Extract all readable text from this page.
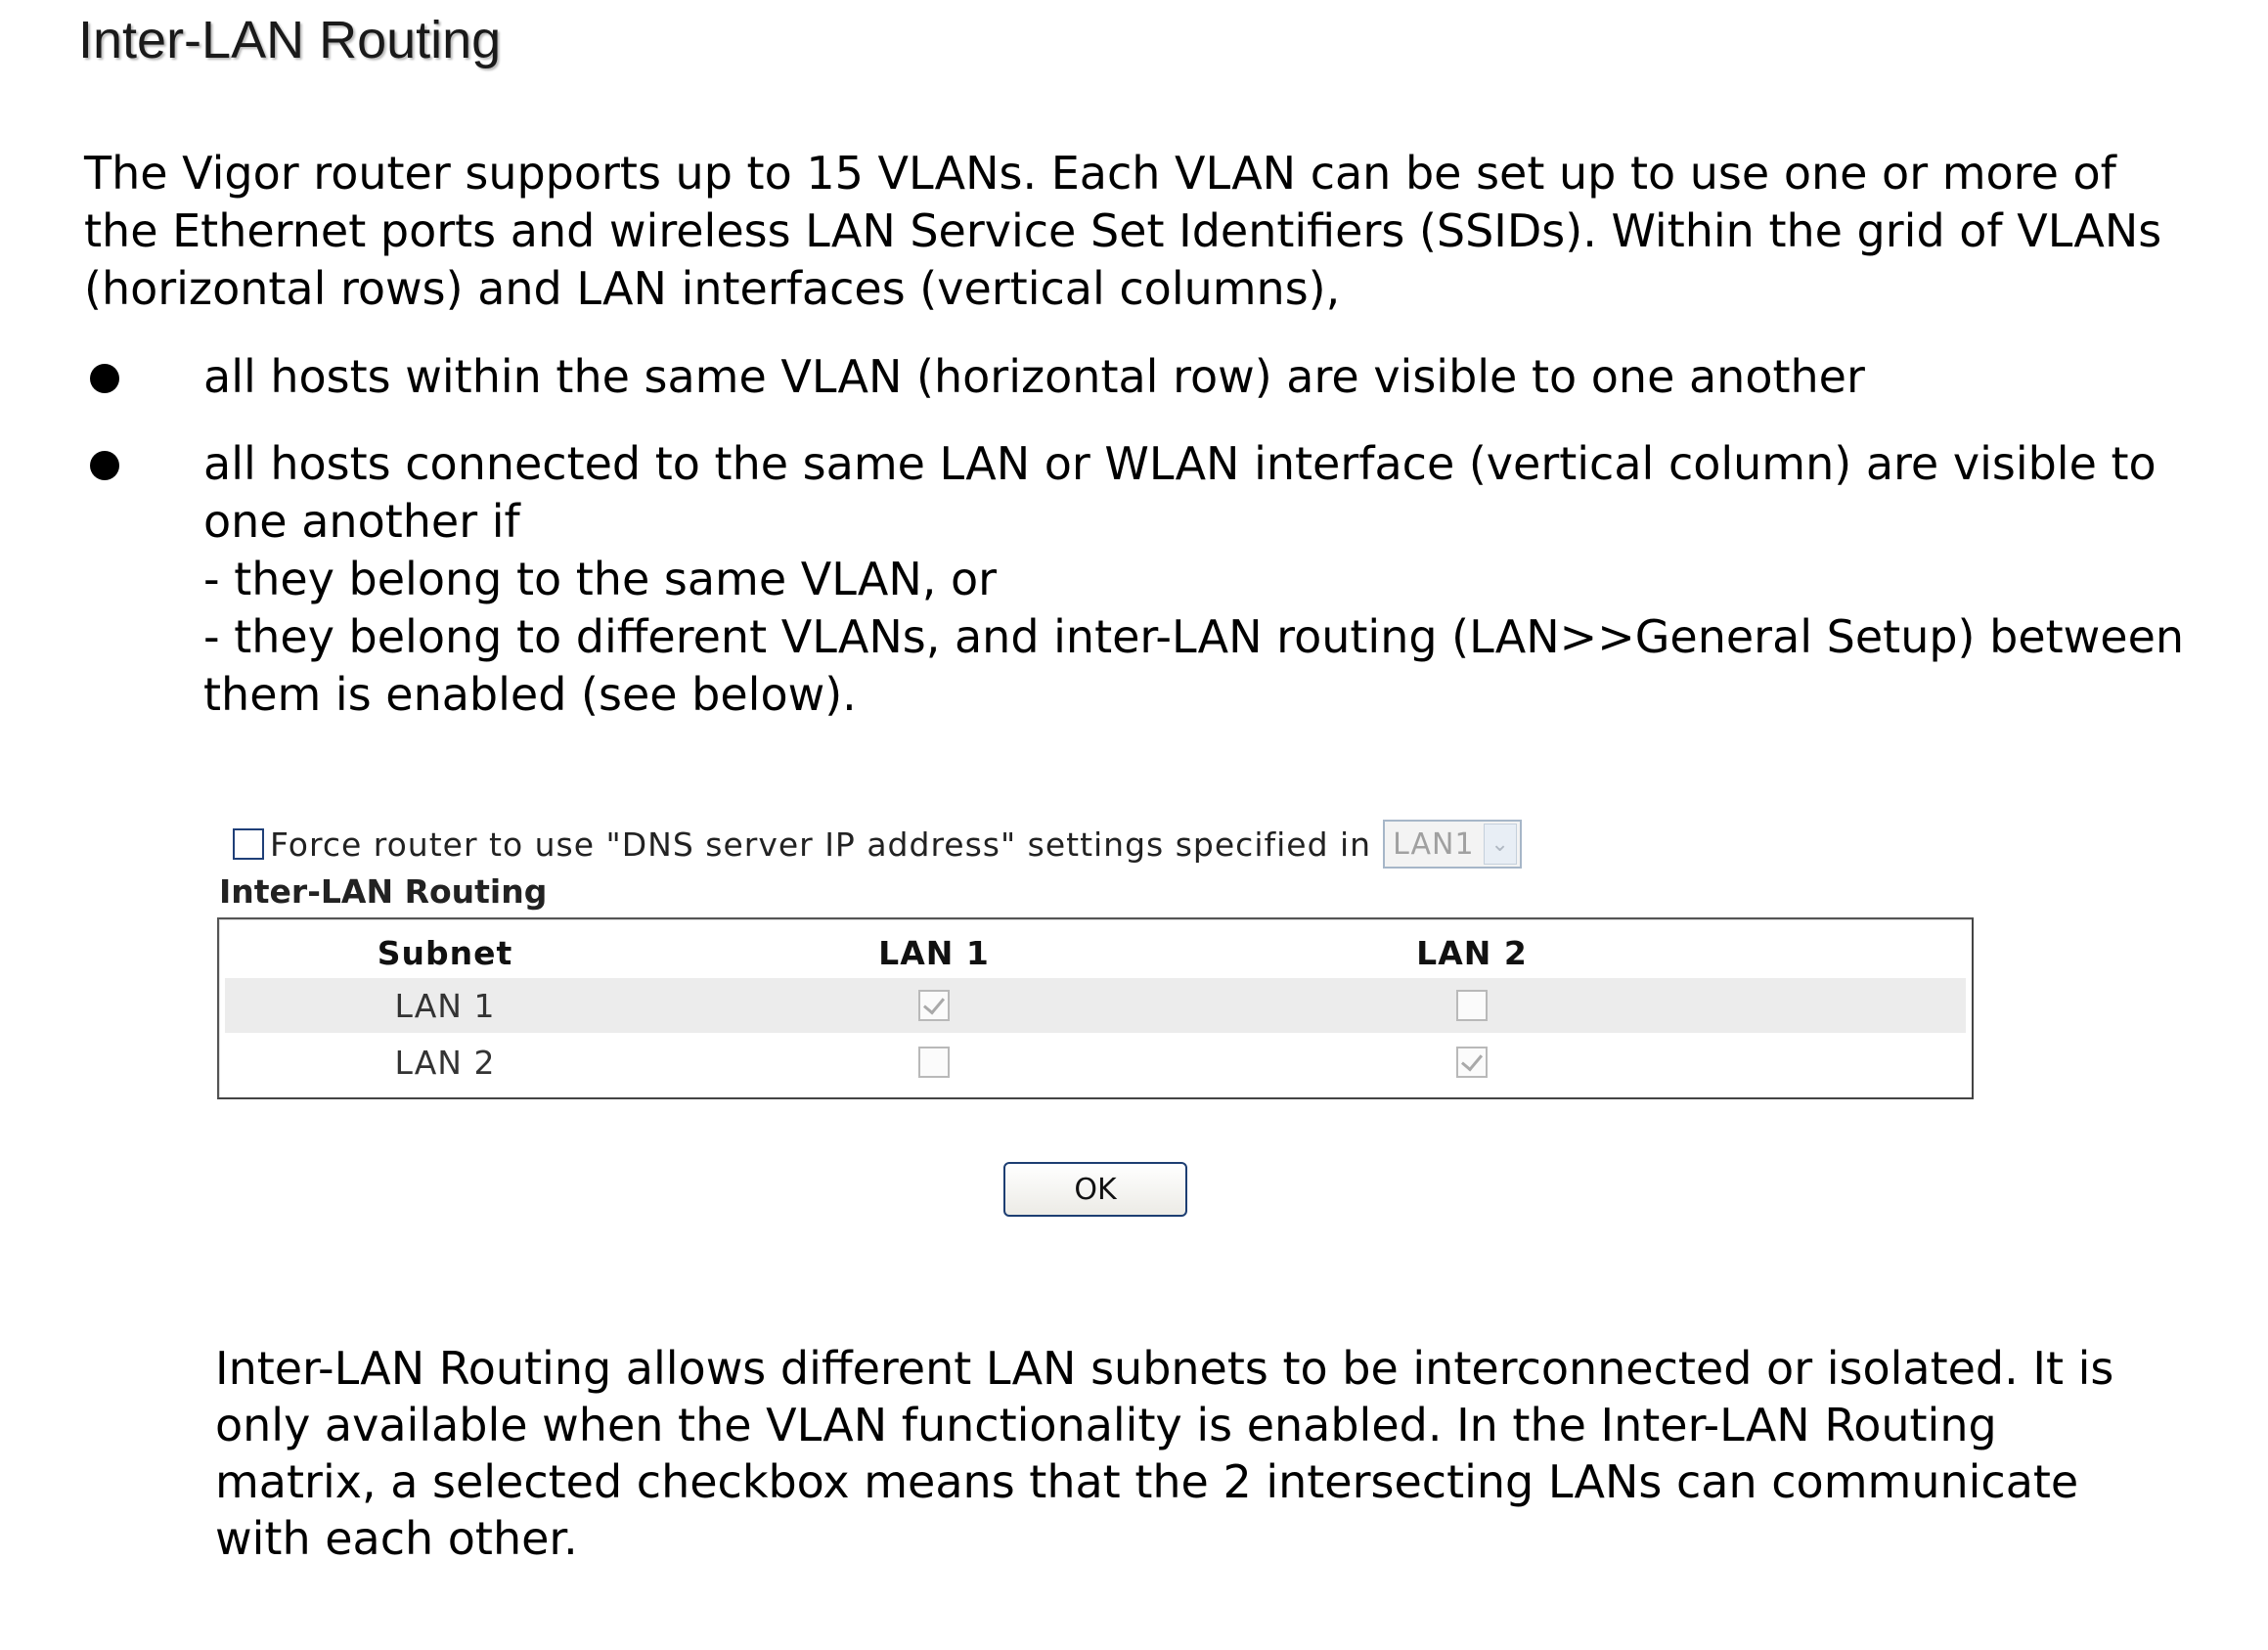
Inter-LAN Routing

The Vigor router supports up to 15 VLANs. Each VLAN can be set up to use one or more of the Ethernet ports and wireless LAN Service Set Identifiers (SSIDs). Within the grid of VLANs (horizontal rows) and LAN interfaces (vertical columns),

all hosts within the same VLAN (horizontal row) are visible to one another
all hosts connected to the same LAN or WLAN interface (vertical column) are visible to one another if
- they belong to the same VLAN, or
- they belong to different VLANs, and inter-LAN routing (LAN>>General Setup) between them is enabled (see below).
Force router to use "DNS server IP address" settings specified in LAN1 ⌄
Inter-LAN Routing
Subnet	LAN 1	LAN 2
LAN 1
LAN 2
OK

Inter-LAN Routing allows different LAN subnets to be interconnected or isolated. It is only available when the VLAN functionality is enabled. In the Inter-LAN Routing matrix, a selected checkbox means that the 2 intersecting LANs can communicate with each other.
